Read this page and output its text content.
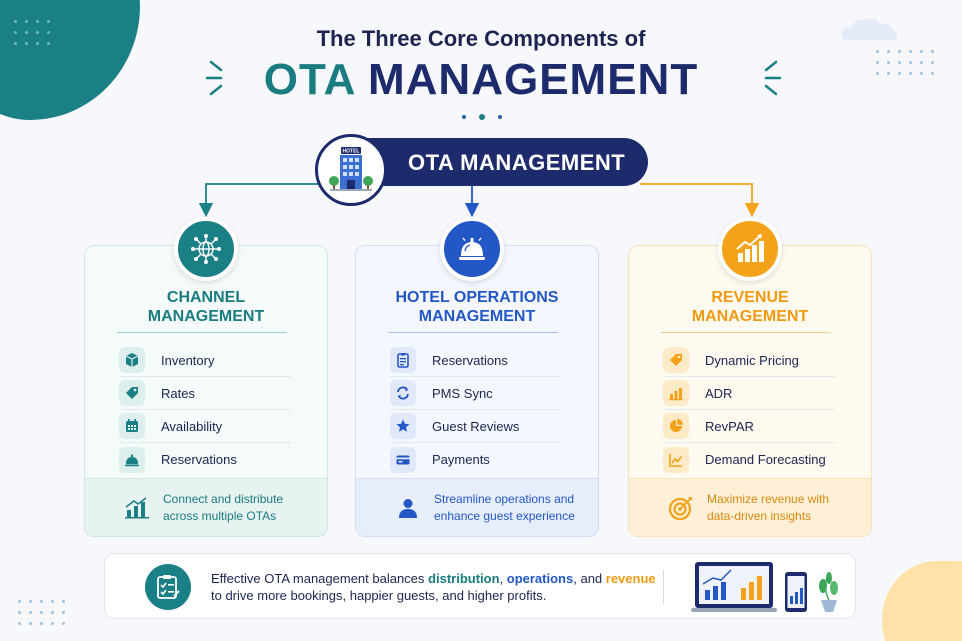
The Three Core Components of
OTA MANAGEMENT
OTA MANAGEMENT
HOTEL
CHANNEL
MANAGEMENT
Inventory
Rates
Availability
Reservations
Connect and distribute
across multiple OTAs
HOTEL OPERATIONS
MANAGEMENT
Reservations
PMS Sync
Guest Reviews
Payments
Streamline operations and
enhance guest experience
REVENUE
MANAGEMENT
Dynamic Pricing
ADR
RevPAR
Demand Forecasting
Maximize revenue with
data-driven insights
Effective OTA management balances distribution, operations, and revenue
to drive more bookings, happier guests, and higher profits.
